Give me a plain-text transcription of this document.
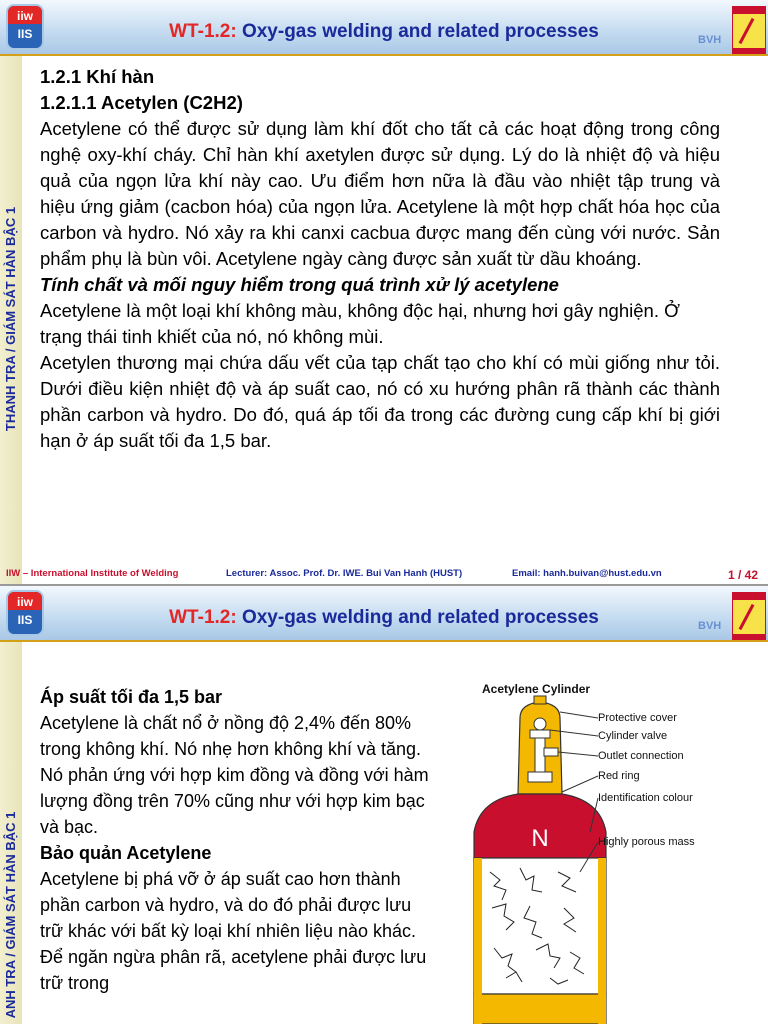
iiw
IIS	WT-1.2: Oxy-gas welding and related processes	BVH
THANH TRA / GIÁM SÁT HÀN BẬC 1

1.2.1 Khí hàn

1.2.1.1 Acetylen (C2H2)

Acetylene có thể được sử dụng làm khí đốt cho tất cả các hoạt động trong công nghệ oxy-khí cháy. Chỉ hàn khí axetylen được sử dụng. Lý do là nhiệt độ và hiệu quả của ngọn lửa khí này cao. Ưu điểm hơn nữa là đầu vào nhiệt tập trung và hiệu ứng giảm (cacbon hóa) của ngọn lửa. Acetylene là một hợp chất hóa học của carbon và hydro. Nó xảy ra khi canxi cacbua được mang đến cùng với nước. Sản phẩm phụ là bùn vôi. Acetylene ngày càng được sản xuất từ dầu khoáng.

Tính chất và mối nguy hiểm trong quá trình xử lý acetylene

Acetylene là một loại khí không màu, không độc hại, nhưng hơi gây nghiện. Ở trạng thái tinh khiết của nó, nó không mùi.

Acetylen thương mại chứa dấu vết của tạp chất tạo cho khí có mùi giống như tỏi. Dưới điều kiện nhiệt độ và áp suất cao, nó có xu hướng phân rã thành các thành phần carbon và hydro. Do đó, quá áp tối đa trong các đường cung cấp khí bị giới hạn ở áp suất tối đa 1,5 bar.

IIW – International Institute of Welding	Lecturer: Assoc. Prof. Dr. IWE. Bui Van Hanh (HUST)	Email: hanh.buivan@hust.edu.vn	1 / 42
iiw
IIS	WT-1.2: Oxy-gas welding and related processes	BVH
ANH TRA / GIÁM SÁT HÀN BẬC 1

Áp suất tối đa 1,5 bar

Acetylene là chất nổ ở nồng độ 2,4% đến 80% trong không khí. Nó nhẹ hơn không khí và tăng. Nó phản ứng với hợp kim đồng và đồng với hàm lượng đồng trên 70% cũng như với hợp kim bạc và bạc.

Bảo quản Acetylene

Acetylene bị phá vỡ ở áp suất cao hơn thành phần carbon và hydro, và do đó phải được lưu trữ khác với bất kỳ loại khí nhiên liệu nào khác. Để ngăn ngừa phân rã, acetylene phải được lưu trữ trong

Acetylene Cylinder
N
Protective cover
Cylinder valve
Outlet connection
Red ring
Identification colour
Highly porous mass
